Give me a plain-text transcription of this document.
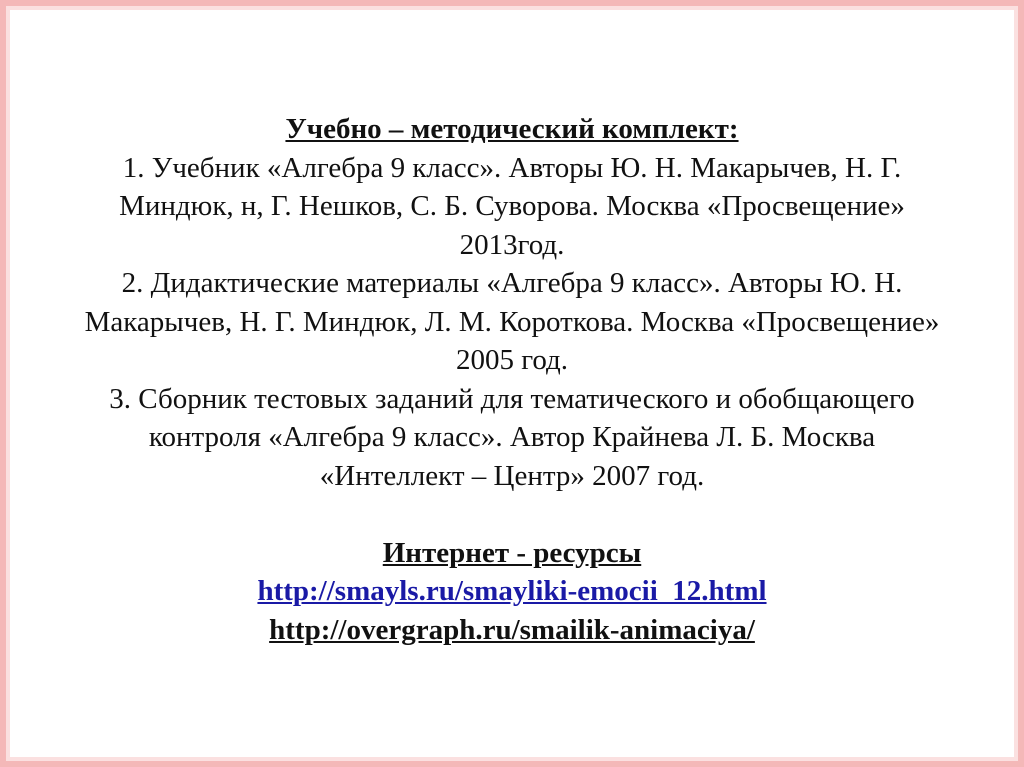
Учебно – методический комплект:
1. Учебник «Алгебра 9 класс». Авторы Ю. Н. Макарычев, Н. Г.
Миндюк, н, Г. Нешков, С. Б. Суворова. Москва «Просвещение»
2013год.
2. Дидактические материалы «Алгебра 9 класс». Авторы Ю. Н.
Макарычев, Н. Г. Миндюк, Л. М. Короткова. Москва «Просвещение»
2005 год.
3. Сборник тестовых заданий для тематического и обобщающего
контроля «Алгебра 9 класс». Автор Крайнева Л. Б. Москва
«Интеллект – Центр» 2007 год.
Интернет - ресурсы
http://smayls.ru/smayliki-emocii_12.html
http://overgraph.ru/smailik-animaciya/
